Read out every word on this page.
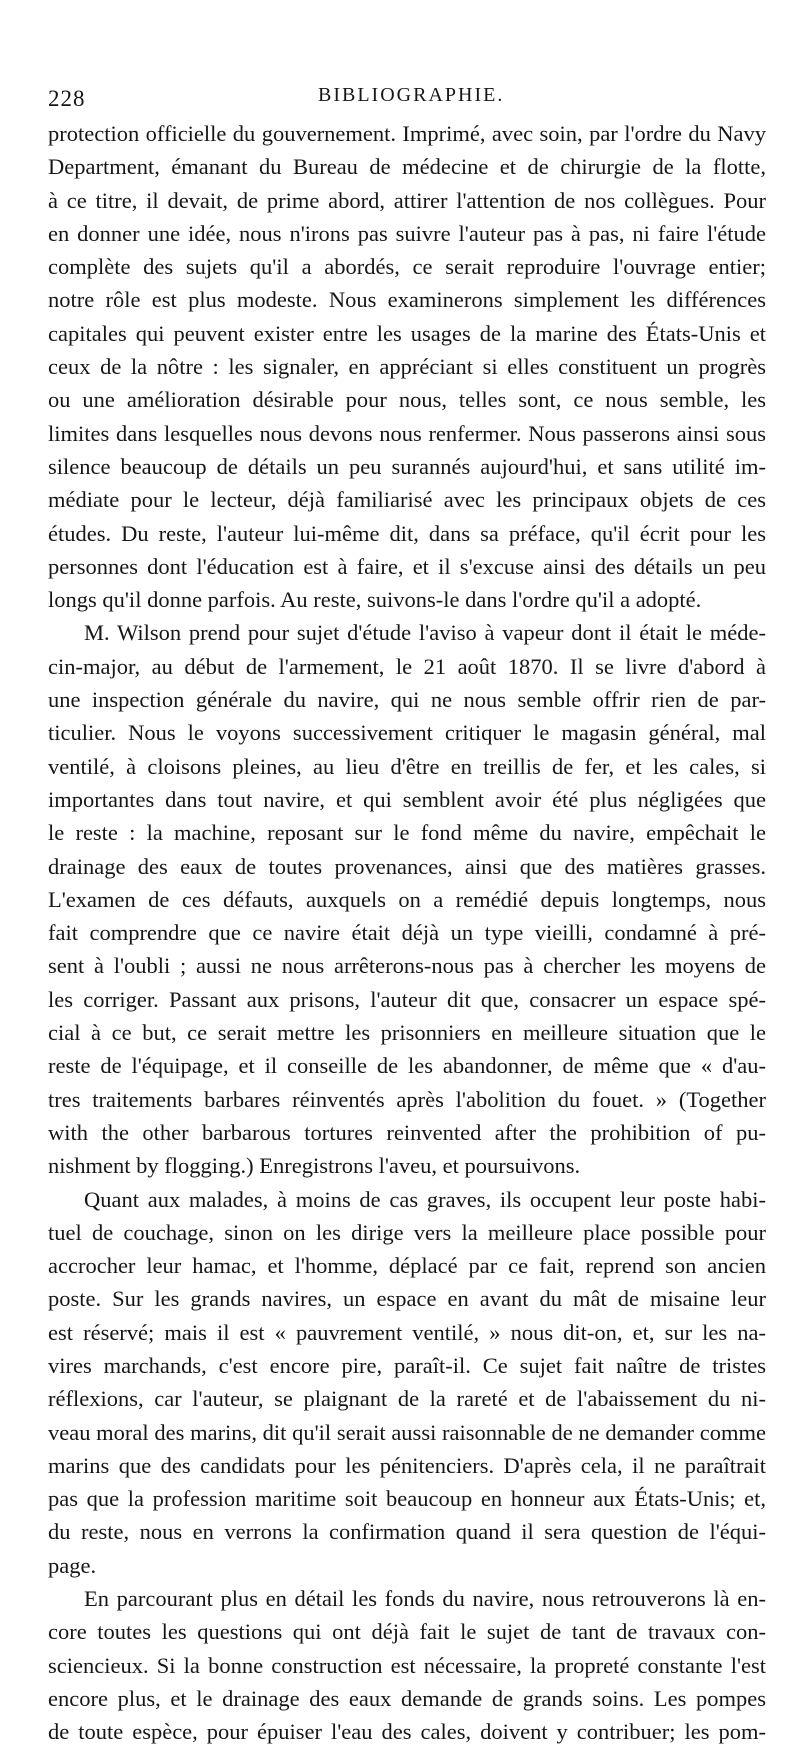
228	BIBLIOGRAPHIE.
protection officielle du gouvernement. Imprimé, avec soin, par l'ordre du Navy
Department, émanant du Bureau de médecine et de chirurgie de la flotte,
à ce titre, il devait, de prime abord, attirer l'attention de nos collègues. Pour
en donner une idée, nous n'irons pas suivre l'auteur pas à pas, ni faire l'étude
complète des sujets qu'il a abordés, ce serait reproduire l'ouvrage entier;
notre rôle est plus modeste. Nous examinerons simplement les différences
capitales qui peuvent exister entre les usages de la marine des États-Unis et
ceux de la nôtre : les signaler, en appréciant si elles constituent un progrès
ou une amélioration désirable pour nous, telles sont, ce nous semble, les
limites dans lesquelles nous devons nous renfermer. Nous passerons ainsi sous
silence beaucoup de détails un peu surannés aujourd'hui, et sans utilité im-
médiate pour le lecteur, déjà familiarisé avec les principaux objets de ces
études. Du reste, l'auteur lui-même dit, dans sa préface, qu'il écrit pour les
personnes dont l'éducation est à faire, et il s'excuse ainsi des détails un peu
longs qu'il donne parfois. Au reste, suivons-le dans l'ordre qu'il a adopté.
M. Wilson prend pour sujet d'étude l'aviso à vapeur dont il était le méde-
cin-major, au début de l'armement, le 21 août 1870. Il se livre d'abord à
une inspection générale du navire, qui ne nous semble offrir rien de par-
ticulier. Nous le voyons successivement critiquer le magasin général, mal
ventilé, à cloisons pleines, au lieu d'être en treillis de fer, et les cales, si
importantes dans tout navire, et qui semblent avoir été plus négligées que
le reste : la machine, reposant sur le fond même du navire, empêchait le
drainage des eaux de toutes provenances, ainsi que des matières grasses.
L'examen de ces défauts, auxquels on a remédié depuis longtemps, nous
fait comprendre que ce navire était déjà un type vieilli, condamné à pré-
sent à l'oubli ; aussi ne nous arrêterons-nous pas à chercher les moyens de
les corriger. Passant aux prisons, l'auteur dit que, consacrer un espace spé-
cial à ce but, ce serait mettre les prisonniers en meilleure situation que le
reste de l'équipage, et il conseille de les abandonner, de même que « d'au-
tres traitements barbares réinventés après l'abolition du fouet. » (Together
with the other barbarous tortures reinvented after the prohibition of pu-
nishment by flogging.) Enregistrons l'aveu, et poursuivons.
Quant aux malades, à moins de cas graves, ils occupent leur poste habi-
tuel de couchage, sinon on les dirige vers la meilleure place possible pour
accrocher leur hamac, et l'homme, déplacé par ce fait, reprend son ancien
poste. Sur les grands navires, un espace en avant du mât de misaine leur
est réservé; mais il est « pauvrement ventilé, » nous dit-on, et, sur les na-
vires marchands, c'est encore pire, paraît-il. Ce sujet fait naître de tristes
réflexions, car l'auteur, se plaignant de la rareté et de l'abaissement du ni-
veau moral des marins, dit qu'il serait aussi raisonnable de ne demander comme
marins que des candidats pour les pénitenciers. D'après cela, il ne paraîtrait
pas que la profession maritime soit beaucoup en honneur aux États-Unis; et,
du reste, nous en verrons la confirmation quand il sera question de l'équi-
page.
En parcourant plus en détail les fonds du navire, nous retrouverons là en-
core toutes les questions qui ont déjà fait le sujet de tant de travaux con-
sciencieux. Si la bonne construction est nécessaire, la propreté constante l'est
encore plus, et le drainage des eaux demande de grands soins. Les pompes
de toute espèce, pour épuiser l'eau des cales, doivent y contribuer; les pom-
